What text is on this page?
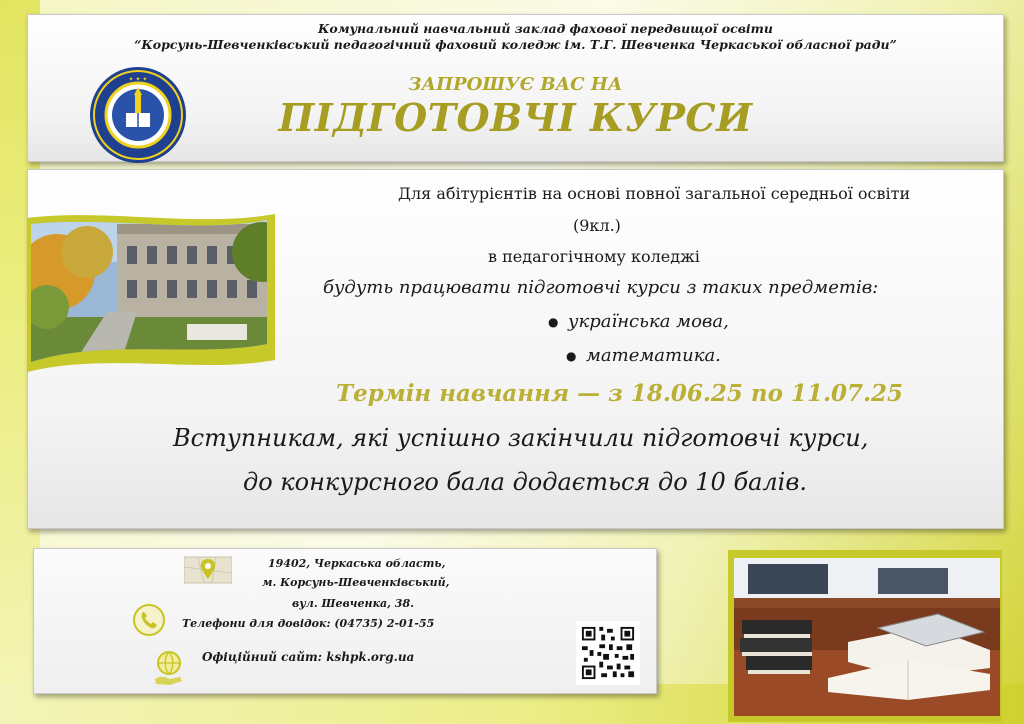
Комунальний навчальний заклад фахової передвищої освіти
“Корсунь-Шевченківський педагогічний фаховий коледж ім. Т.Г. Шевченка Черкаської обласної ради”
✦ ✦ ✦	ЗАПРОШУЄ ВАС НА
ПІДГОТОВЧІ КУРСИ
Для абітурієнтів на основі повної загальної середньої освіти
(9кл.)
в педагогічному коледжі
будуть працювати підготовчі курси з таких предметів:
● українська мова,
● математика.
Термін навчання — з 18.06.25 по 11.07.25
Вступникам, які успішно закінчили підготовчі курси,
до конкурсного бала додається до 10 балів.
19402, Черкаська область,
м. Корсунь-Шевченківський,
вул. Шевченка, 38.
Телефони для довідок: (04735) 2-01-55
Офіційний сайт: kshpk.org.ua
